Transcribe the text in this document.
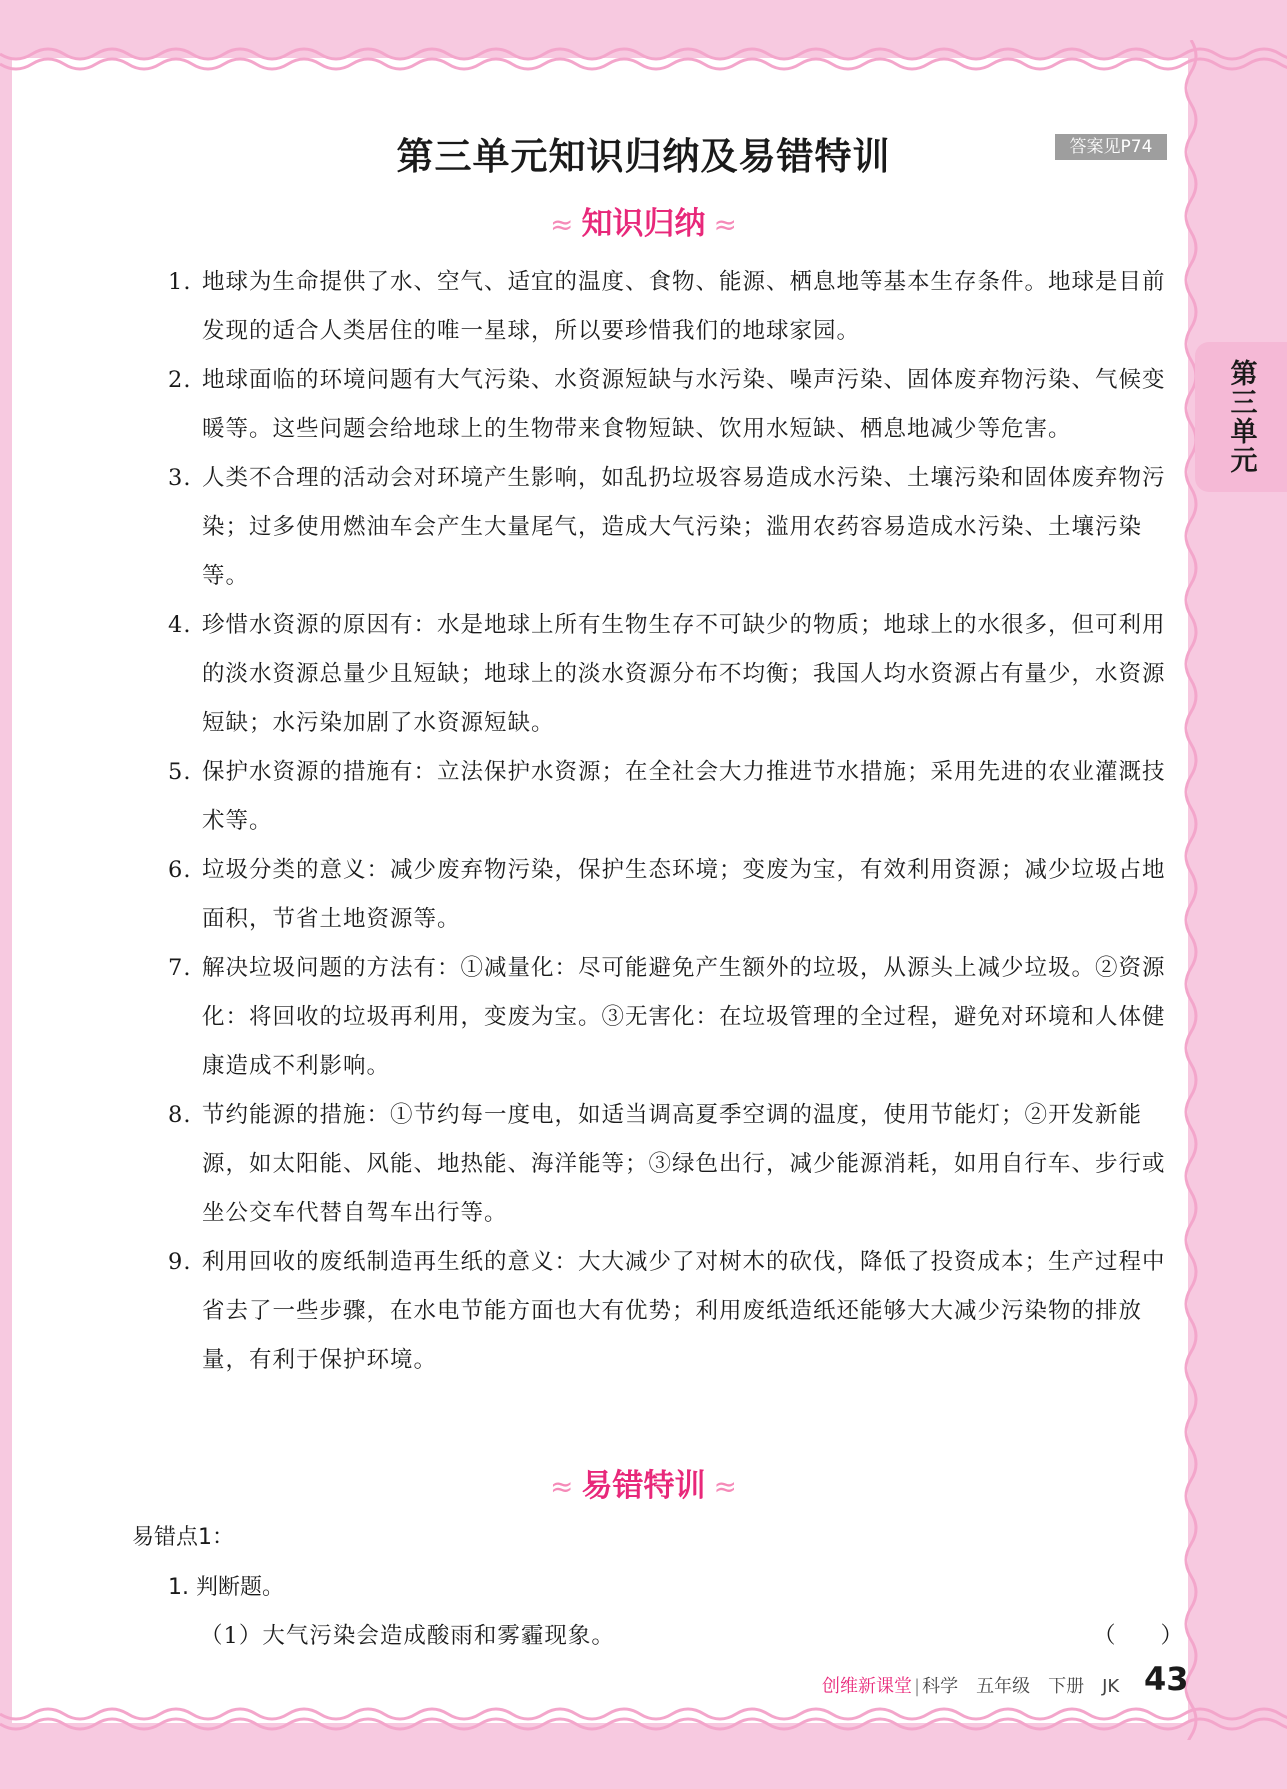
第三单元知识归纳及易错特训	答案见P74
≈ 知识归纳 ≈
第三单元
1. 地球为生命提供了水、空气、适宜的温度、食物、能源、栖息地等基本生存条件。地球是目前发现的适合人类居住的唯一星球，所以要珍惜我们的地球家园。
2. 地球面临的环境问题有大气污染、水资源短缺与水污染、噪声污染、固体废弃物污染、气候变暖等。这些问题会给地球上的生物带来食物短缺、饮用水短缺、栖息地减少等危害。
3. 人类不合理的活动会对环境产生影响，如乱扔垃圾容易造成水污染、土壤污染和固体废弃物污染；过多使用燃油车会产生大量尾气，造成大气污染；滥用农药容易造成水污染、土壤污染等。
4. 珍惜水资源的原因有：水是地球上所有生物生存不可缺少的物质；地球上的水很多，但可利用的淡水资源总量少且短缺；地球上的淡水资源分布不均衡；我国人均水资源占有量少，水资源短缺；水污染加剧了水资源短缺。
5. 保护水资源的措施有：立法保护水资源；在全社会大力推进节水措施；采用先进的农业灌溉技术等。
6. 垃圾分类的意义：减少废弃物污染，保护生态环境；变废为宝，有效利用资源；减少垃圾占地面积，节省土地资源等。
7. 解决垃圾问题的方法有：①减量化：尽可能避免产生额外的垃圾，从源头上减少垃圾。②资源化：将回收的垃圾再利用，变废为宝。③无害化：在垃圾管理的全过程，避免对环境和人体健康造成不利影响。
8. 节约能源的措施：①节约每一度电，如适当调高夏季空调的温度，使用节能灯；②开发新能源，如太阳能、风能、地热能、海洋能等；③绿色出行，减少能源消耗，如用自行车、步行或坐公交车代替自驾车出行等。
9. 利用回收的废纸制造再生纸的意义：大大减少了对树木的砍伐，降低了投资成本；生产过程中省去了一些步骤，在水电节能方面也大有优势；利用废纸造纸还能够大大减少污染物的排放量，有利于保护环境。
≈ 易错特训 ≈
易错点1：
1. 判断题。
（1）大气污染会造成酸雨和雾霾现象。	（　　）
创维新课堂 | 科学　五年级　下册　JK 43
